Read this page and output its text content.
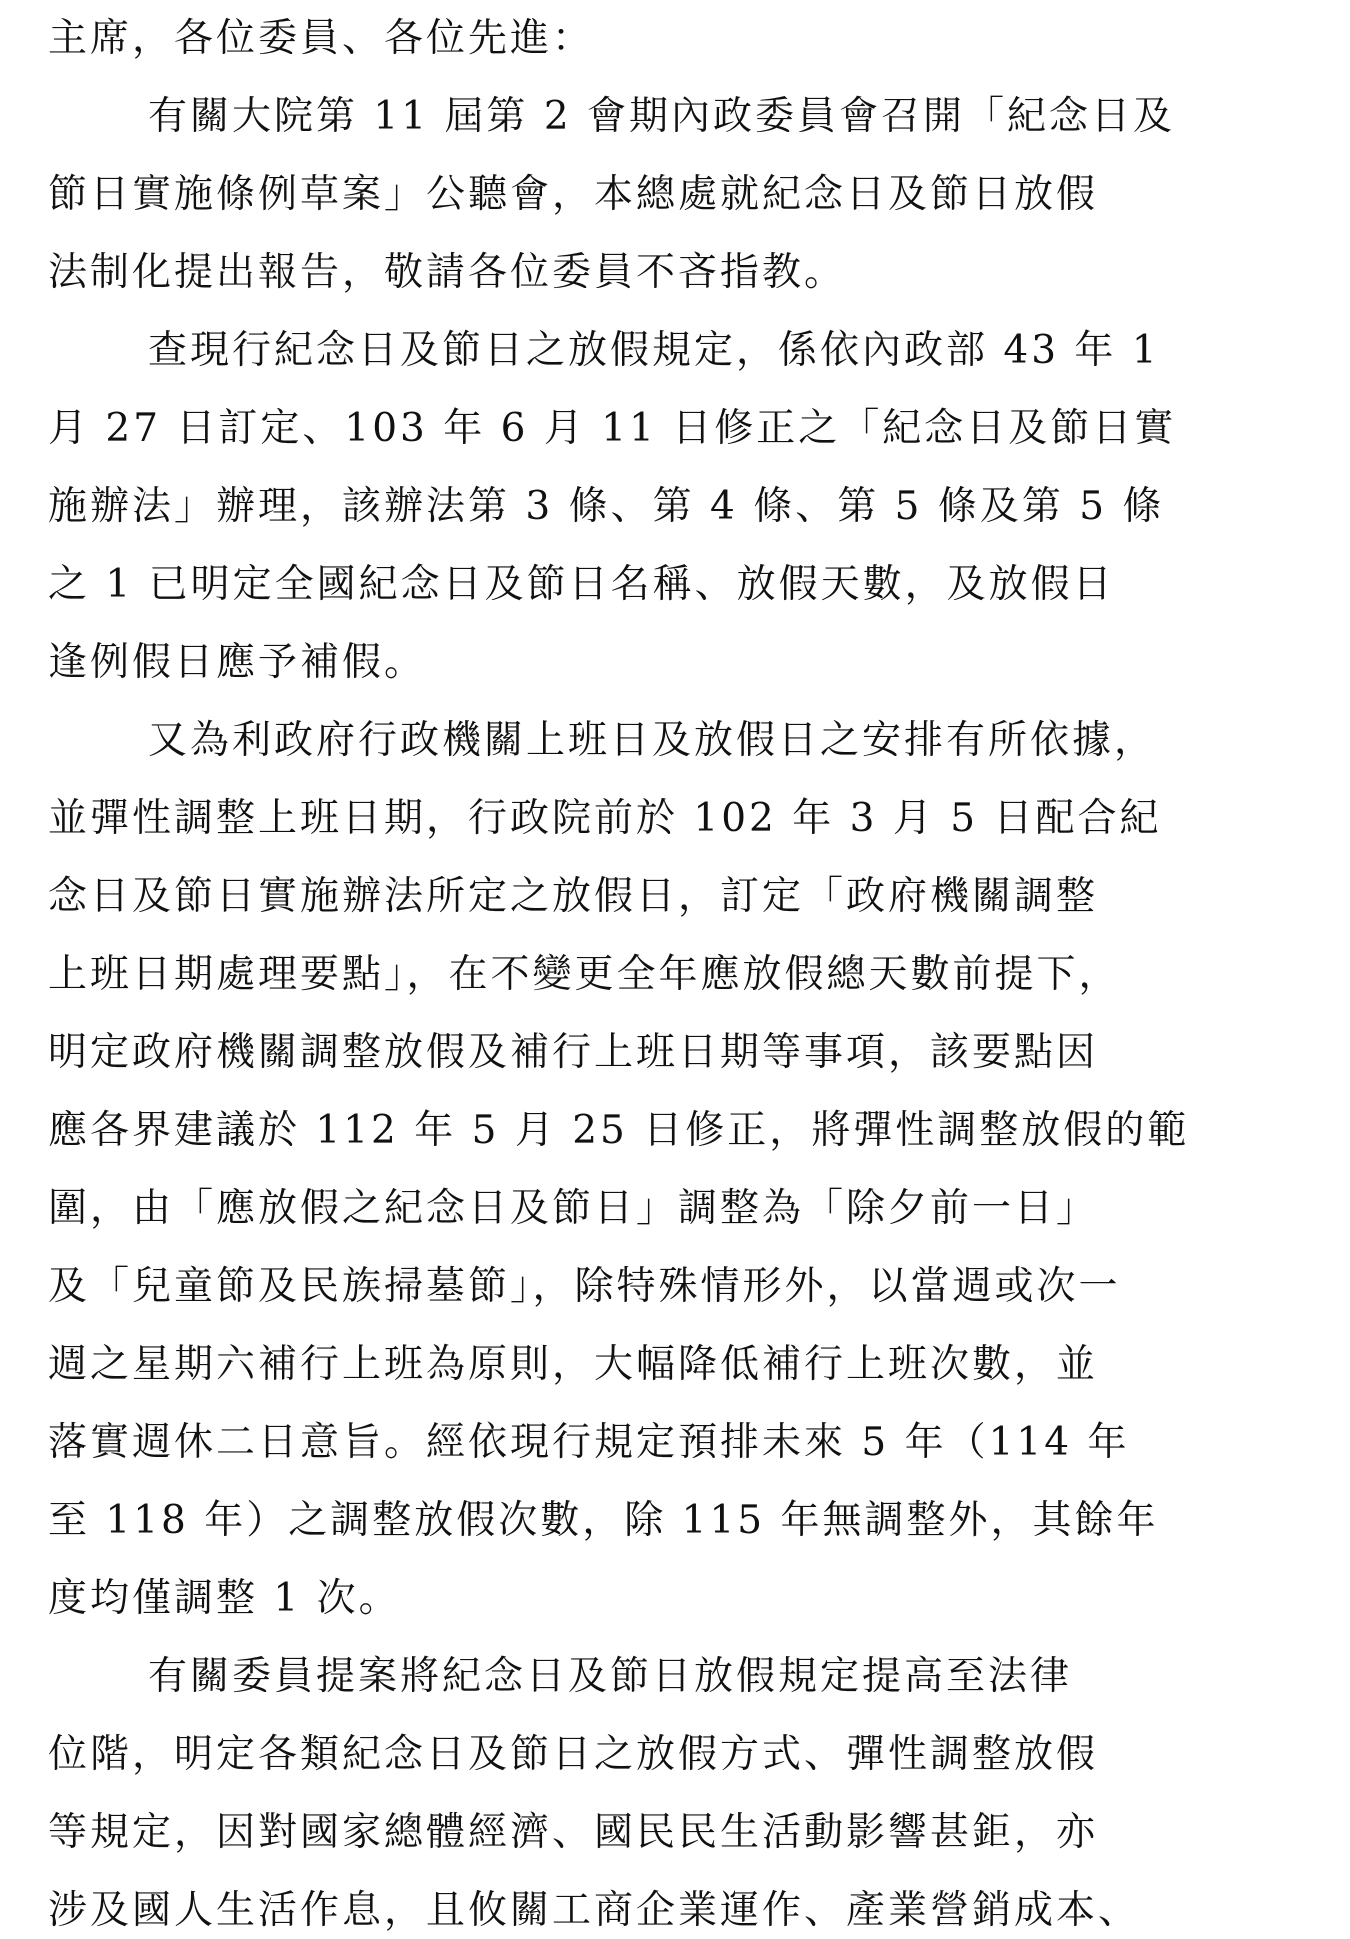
主席，各位委員、各位先進：
有關大院第 11 屆第 2 會期內政委員會召開「紀念日及
節日實施條例草案」公聽會，本總處就紀念日及節日放假
法制化提出報告，敬請各位委員不吝指教。
查現行紀念日及節日之放假規定，係依內政部 43 年 1
月 27 日訂定、103 年 6 月 11 日修正之「紀念日及節日實
施辦法」辦理，該辦法第 3 條、第 4 條、第 5 條及第 5 條
之 1 已明定全國紀念日及節日名稱、放假天數，及放假日
逢例假日應予補假。
又為利政府行政機關上班日及放假日之安排有所依據，
並彈性調整上班日期，行政院前於 102 年 3 月 5 日配合紀
念日及節日實施辦法所定之放假日，訂定「政府機關調整
上班日期處理要點」，在不變更全年應放假總天數前提下，
明定政府機關調整放假及補行上班日期等事項，該要點因
應各界建議於 112 年 5 月 25 日修正，將彈性調整放假的範
圍，由「應放假之紀念日及節日」調整為「除夕前一日」
及「兒童節及民族掃墓節」，除特殊情形外，以當週或次一
週之星期六補行上班為原則，大幅降低補行上班次數，並
落實週休二日意旨。經依現行規定預排未來 5 年（114 年
至 118 年）之調整放假次數，除 115 年無調整外，其餘年
度均僅調整 1 次。
有關委員提案將紀念日及節日放假規定提高至法律
位階，明定各類紀念日及節日之放假方式、彈性調整放假
等規定，因對國家總體經濟、國民民生活動影響甚鉅，亦
涉及國人生活作息，且攸關工商企業運作、產業營銷成本、
